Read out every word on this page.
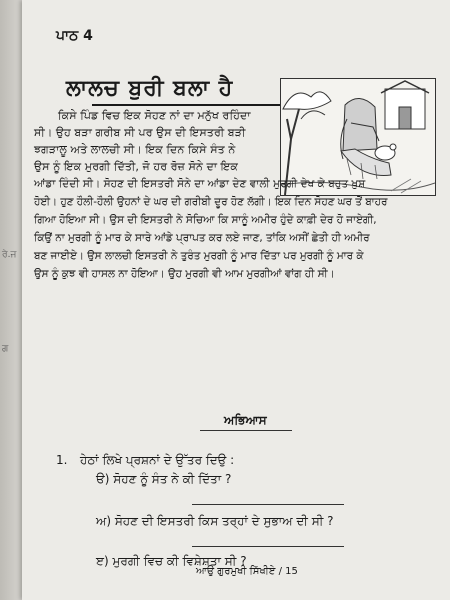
ਰੇ.ਜ
ਗ
ਪਾਠ 4
ਲਾਲਚ ਬੁਰੀ ਬਲਾ ਹੈ
ਕਿਸੇ ਪਿੰਡ ਵਿਚ ਇਕ ਸੋਹਣ ਨਾਂ ਦਾ ਮਨੁੱਖ ਰਹਿੰਦਾ
ਸੀ। ਉਹ ਬੜਾ ਗਰੀਬ ਸੀ ਪਰ ਉਸ ਦੀ ਇਸਤਰੀ ਬੜੀ
ਝਗੜਾਲੂ ਅਤੇ ਲਾਲਚੀ ਸੀ। ਇਕ ਦਿਨ ਕਿਸੇ ਸੰਤ ਨੇ
ਉਸ ਨੂੰ ਇਕ ਮੁਰਗੀ ਦਿੱਤੀ, ਜੋ ਹਰ ਰੋਜ਼ ਸੋਨੇ ਦਾ ਇਕ
ਆਂਡਾ ਦਿੰਦੀ ਸੀ। ਸੋਹਣ ਦੀ ਇਸਤਰੀ ਸੋਨੇ ਦਾ ਆਂਡਾ ਦੇਣ ਵਾਲੀ ਮੁਰਗੀ ਦੇਖ ਕੇ ਬਹੁਤ ਖ਼ੁਸ਼
ਹੋਈ। ਹੁਣ ਹੌਲੀ-ਹੌਲੀ ਉਹਨਾਂ ਦੇ ਘਰ ਦੀ ਗਰੀਬੀ ਦੂਰ ਹੋਣ ਲੱਗੀ। ਇਕ ਦਿਨ ਸੋਹਣ ਘਰ ਤੋਂ ਬਾਹਰ
ਗਿਆ ਹੋਇਆ ਸੀ। ਉਸ ਦੀ ਇਸਤਰੀ ਨੇ ਸੋਚਿਆ ਕਿ ਸਾਨੂੰ ਅਮੀਰ ਹੁੰਦੇ ਕਾਫ਼ੀ ਦੇਰ ਹੋ ਜਾਏਗੀ,
ਕਿਉਂ ਨਾ ਮੁਰਗੀ ਨੂੰ ਮਾਰ ਕੇ ਸਾਰੇ ਆਂਡੇ ਪ੍ਰਾਪਤ ਕਰ ਲਏ ਜਾਣ, ਤਾਂਕਿ ਅਸੀਂ ਛੇਤੀ ਹੀ ਅਮੀਰ
ਬਣ ਜਾਈਏ। ਉਸ ਲਾਲਚੀ ਇਸਤਰੀ ਨੇ ਤੁਰੰਤ ਮੁਰਗੀ ਨੂੰ ਮਾਰ ਦਿੱਤਾ ਪਰ ਮੁਰਗੀ ਨੂੰ ਮਾਰ ਕੇ
ਉਸ ਨੂੰ ਕੁਝ ਵੀ ਹਾਸਲ ਨਾ ਹੋਇਆ। ਉਹ ਮੁਰਗੀ ਵੀ ਆਮ ਮੁਰਗੀਆਂ ਵਾਂਗ ਹੀ ਸੀ।
ਅਭਿਆਸ
1. ਹੇਠਾਂ ਲਿਖੇ ਪ੍ਰਸ਼ਨਾਂ ਦੇ ਉੱਤਰ ਦਿਉ :
ੳ) ਸੋਹਣ ਨੂੰ ਸੰਤ ਨੇ ਕੀ ਦਿੱਤਾ ?
ਅ) ਸੋਹਣ ਦੀ ਇਸਤਰੀ ਕਿਸ ਤਰ੍ਹਾਂ ਦੇ ਸੁਭਾਅ ਦੀ ਸੀ ?
ੲ) ਮੁਰਗੀ ਵਿਚ ਕੀ ਵਿਸ਼ੇਸ਼ਤਾ ਸੀ ?
ਆਉ ਗੁਰਮੁਖੀ ਸਿੱਖੀਏ / 15
